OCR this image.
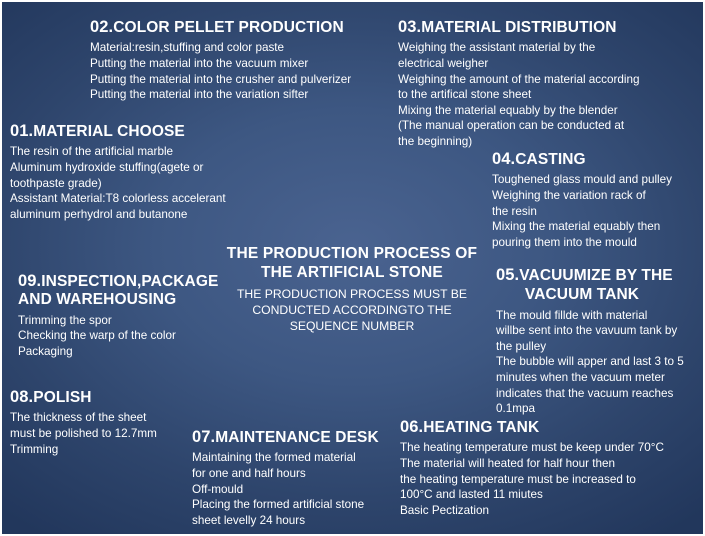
02.COLOR PELLET PRODUCTION
Material:resin,stuffing and color paste
Putting the material into the vacuum mixer
Putting the material into the crusher and pulverizer
Putting the material into the variation sifter
03.MATERIAL DISTRIBUTION
Weighing the assistant material by the
electrical weigher
Weighing the amount of the material according
to the artifical stone sheet
Mixing the material equably by the blender
(The manual operation can be conducted at
the beginning)
01.MATERIAL CHOOSE
The resin of the artificial marble
Aluminum hydroxide stuffing(agete or
toothpaste grade)
Assistant Material:T8 colorless accelerant
aluminum perhydrol and butanone
04.CASTING
Toughened glass mould and pulley
Weighing the variation rack of
the resin
Mixing the material equably then
pouring them into the mould
THE PRODUCTION PROCESS OF
THE ARTIFICIAL STONE
THE PRODUCTION PROCESS MUST BE
CONDUCTED ACCORDINGTO THE
SEQUENCE NUMBER
09.INSPECTION,PACKAGE
AND WAREHOUSING
Trimming the spor
Checking the warp of the color
Packaging
05.VACUUMIZE BY THE
VACUUM TANK
The mould fillde with material
willbe sent into the vavuum tank by
the pulley
The bubble will apper and last 3 to 5
minutes when the vacuum meter
indicates that the vacuum reaches
0.1mpa
08.POLISH
The thickness of the sheet
must be polished to 12.7mm
Trimming
07.MAINTENANCE DESK
Maintaining the formed material
for one and half hours
Off-mould
Placing the formed artificial stone
sheet levelly 24 hours
06.HEATING TANK
The heating temperature must be keep under 70°C
The material will heated for half hour then
the heating temperature must be increased to
100°C and lasted 11 miutes
Basic Pectization
